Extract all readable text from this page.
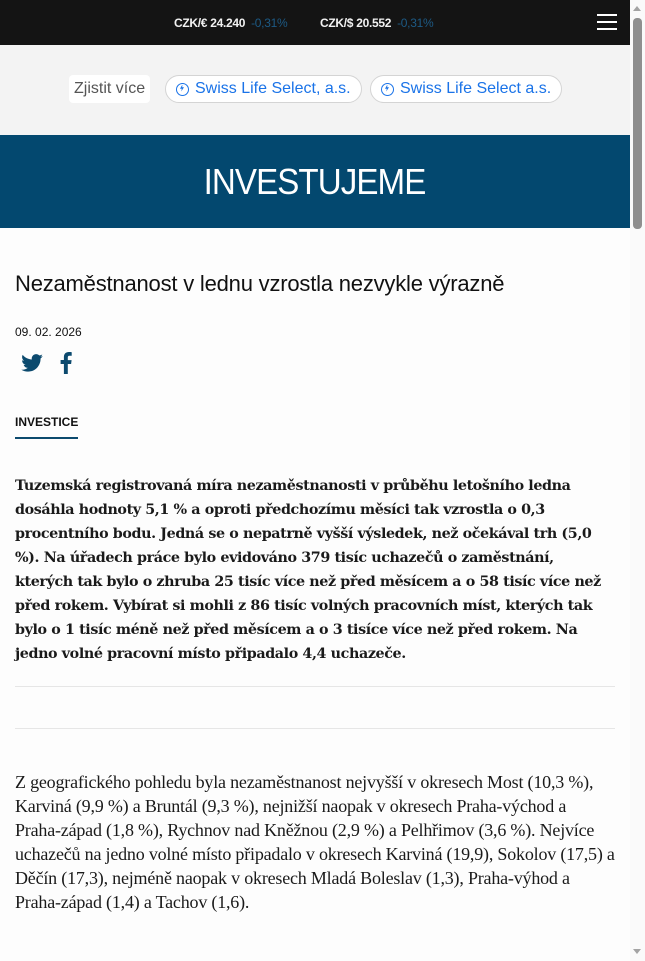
CZK/€ 24.240 -0,31%	CZK/$ 20.552 -0,31%
Zjistit více	Swiss Life Select, a.s.	Swiss Life Select a.s.
INVESTUJEME
Nezaměstnanost v lednu vzrostla nezvykle výrazně
09. 02. 2026
INVESTICE

Tuzemská registrovaná míra nezaměstnanosti v průběhu letošního ledna dosáhla hodnoty 5,1 % a oproti předchozímu měsíci tak vzrostla o 0,3 procentního bodu. Jedná se o nepatrně vyšší výsledek, než očekával trh (5,0 %). Na úřadech práce bylo evidováno 379 tisíc uchazečů o zaměstnání, kterých tak bylo o zhruba 25 tisíc více než před měsícem a o 58 tisíc více než před rokem. Vybírat si mohli z 86 tisíc volných pracovních míst, kterých tak bylo o 1 tisíc méně než před měsícem a o 3 tisíce více než před rokem. Na jedno volné pracovní místo připadalo 4,4 uchazeče.

Z geografického pohledu byla nezaměstnanost nejvyšší v okresech Most (10,3 %), Karviná (9,9 %) a Bruntál (9,3 %), nejnižší naopak v okresech Praha-východ a Praha-západ (1,8 %), Rychnov nad Kněžnou (2,9 %) a Pelhřimov (3,6 %). Nejvíce uchazečů na jedno volné místo připadalo v okresech Karviná (19,9), Sokolov (17,5) a Děčín (17,3), nejméně naopak v okresech Mladá Boleslav (1,3), Praha-výhod a Praha-západ (1,4) a Tachov (1,6).
